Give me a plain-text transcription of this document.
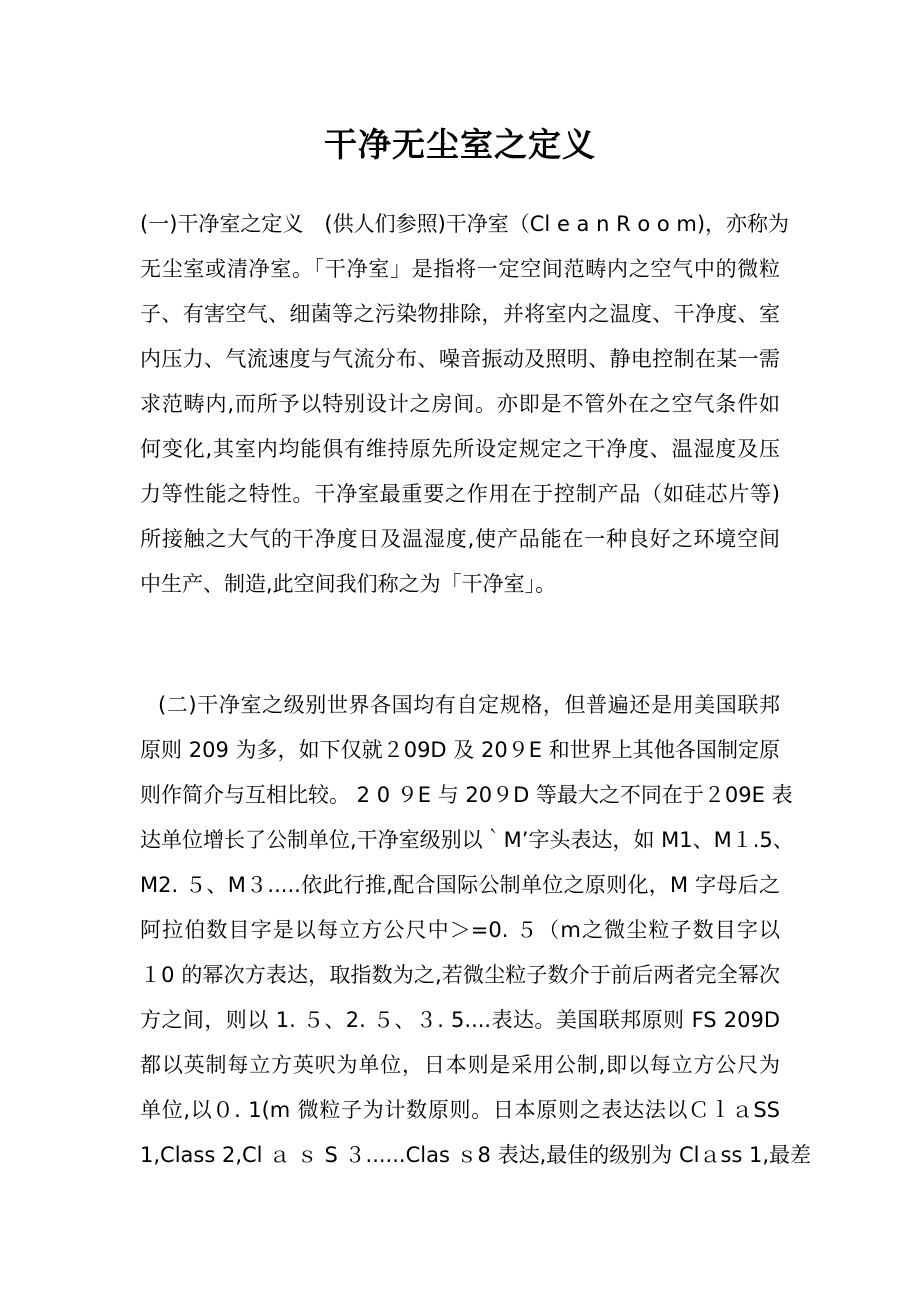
干净无尘室之定义
(一)干净室之定义　(供人们参照)干净室（Cl e a n R o o m)，亦称为
无尘室或清净室。「干净室」是指将一定空间范畴内之空气中的微粒
子、有害空气、细菌等之污染物排除，并将室内之温度、干净度、室
内压力、气流速度与气流分布、噪音振动及照明、静电控制在某一需
求范畴内,而所予以特别设计之房间。亦即是不管外在之空气条件如
何变化,其室内均能俱有维持原先所设定规定之干净度、温湿度及压
力等性能之特性。干净室最重要之作用在于控制产品（如硅芯片等)
所接触之大气的干净度日及温湿度,使产品能在一种良好之环境空间
中生产、制造,此空间我们称之为「干净室」。
(二)干净室之级别世界各国均有自定规格，但普遍还是用美国联邦
原则 209 为多，如下仅就２09D 及 20９E 和世界上其他各国制定原
则作简介与互相比较。 2 0 ９E 与 20９D 等最大之不同在于２09E 表
达单位增长了公制单位,干净室级别以｀M’字头表达，如 M1、M１.5、
M2. ５、M３.....依此行推,配合国际公制单位之原则化，M 字母后之
阿拉伯数目字是以每立方公尺中＞=0. ５（m之微尘粒子数目字以
１0 的幂次方表达，取指数为之,若微尘粒子数介于前后两者完全幂次
方之间，则以 1. ５、2. ５、３. 5....表达。美国联邦原则 FS 209D
都以英制每立方英呎为单位，日本则是采用公制,即以每立方公尺为
单位,以０. 1(m 微粒子为计数原则。日本原则之表达法以ＣｌａSS
1,Class 2,Cl ａ ｓ S ３......Clas ｓ8 表达,最佳的级别为 Clａss 1,最差
